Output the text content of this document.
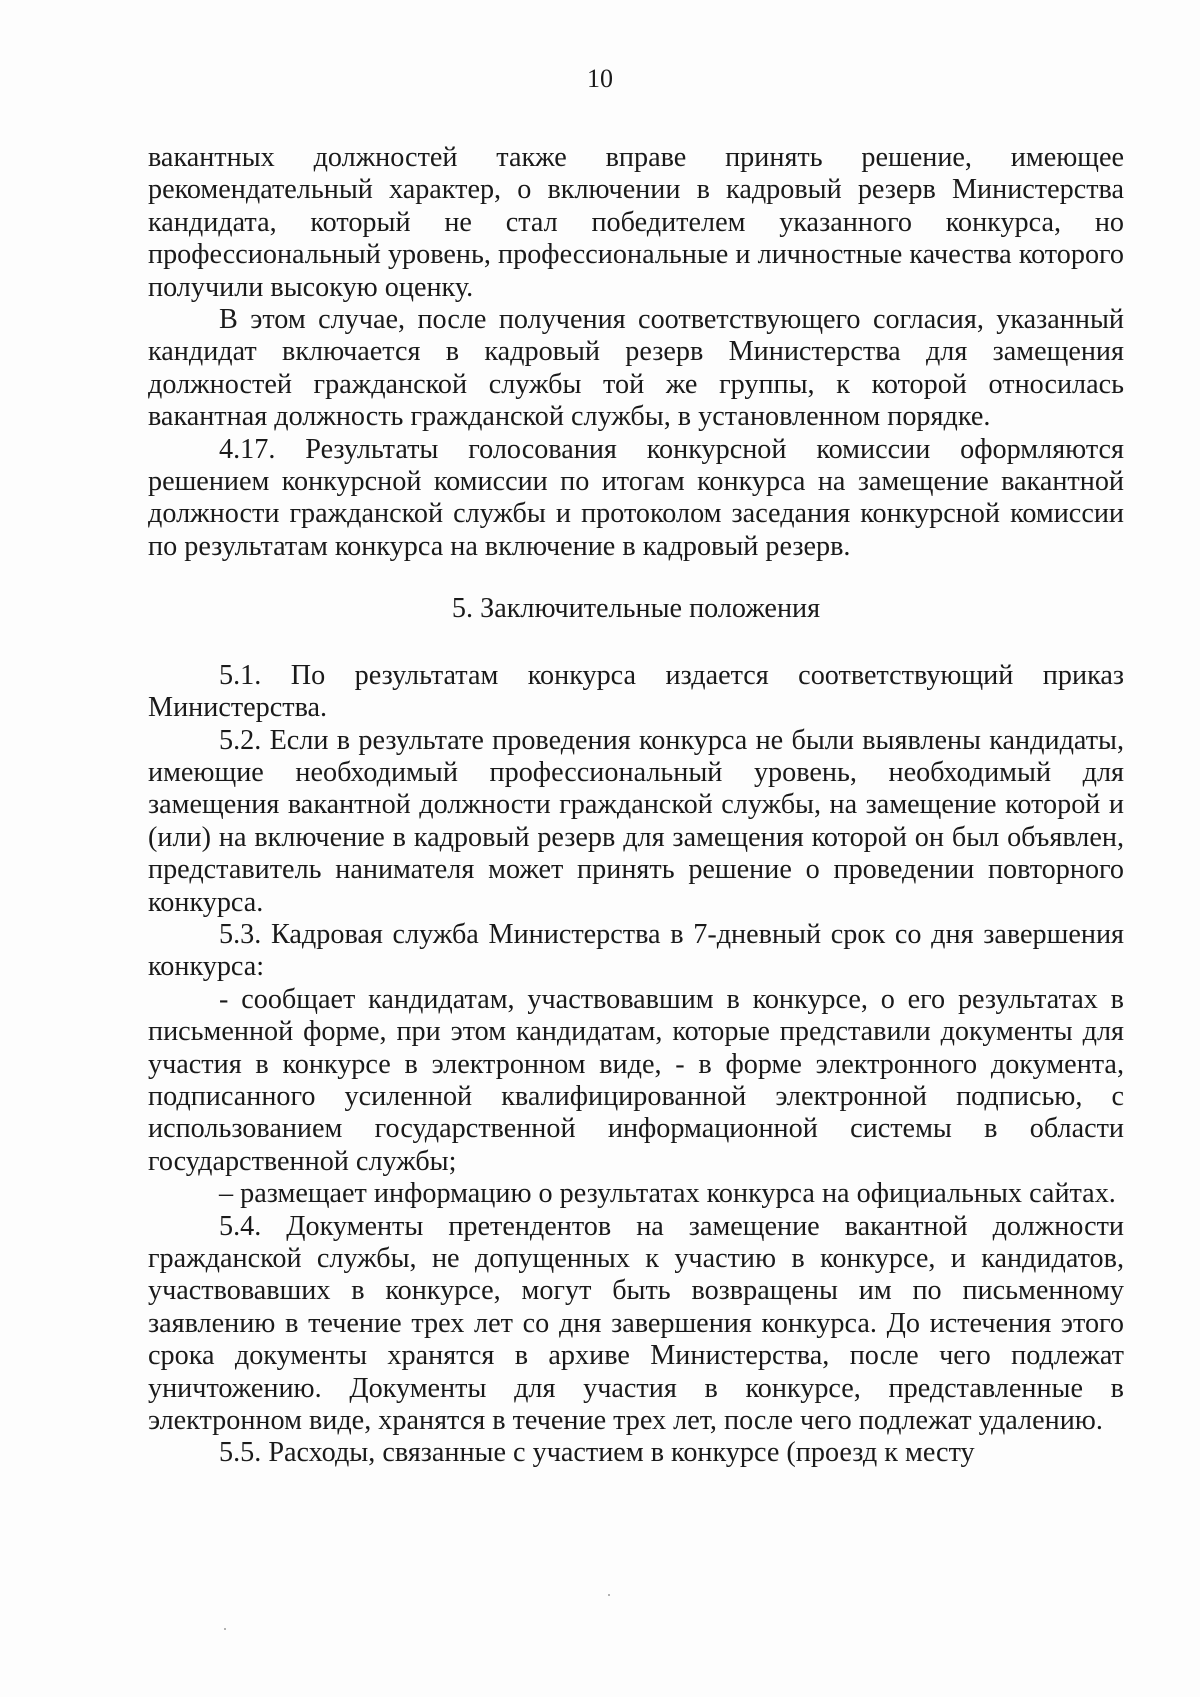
10

вакантных должностей также вправе принять решение, имеющее рекомендательный характер, о включении в кадровый резерв Министерства кандидата, который не стал победителем указанного конкурса, но профессиональный уровень, профессиональные и личностные качества которого получили высокую оценку.

В этом случае, после получения соответствующего согласия, указанный кандидат включается в кадровый резерв Министерства для замещения должностей гражданской службы той же группы, к которой относилась вакантная должность гражданской службы, в установленном порядке.

4.17. Результаты голосования конкурсной комиссии оформляются решением конкурсной комиссии по итогам конкурса на замещение вакантной должности гражданской службы и протоколом заседания конкурсной комиссии по результатам конкурса на включение в кадровый резерв.

5. Заключительные положения

5.1. По результатам конкурса издается соответствующий приказ Министерства.

5.2. Если в результате проведения конкурса не были выявлены кандидаты, имеющие необходимый профессиональный уровень, необходимый для замещения вакантной должности гражданской службы, на замещение которой и (или) на включение в кадровый резерв для замещения которой он был объявлен, представитель нанимателя может принять решение о проведении повторного конкурса.

5.3. Кадровая служба Министерства в 7-дневный срок со дня завершения конкурса:

- сообщает кандидатам, участвовавшим в конкурсе, о его результатах в письменной форме, при этом кандидатам, которые представили документы для участия в конкурсе в электронном виде, - в форме электронного документа, подписанного усиленной квалифицированной электронной подписью, с использованием государственной информационной системы в области государственной службы;

– размещает информацию о результатах конкурса на официальных сайтах.

5.4. Документы претендентов на замещение вакантной должности гражданской службы, не допущенных к участию в конкурсе, и кандидатов, участвовавших в конкурсе, могут быть возвращены им по письменному заявлению в течение трех лет со дня завершения конкурса. До истечения этого срока документы хранятся в архиве Министерства, после чего подлежат уничтожению. Документы для участия в конкурсе, представленные в электронном виде, хранятся в течение трех лет, после чего подлежат удалению.

5.5. Расходы, связанные с участием в конкурсе (проезд к месту
